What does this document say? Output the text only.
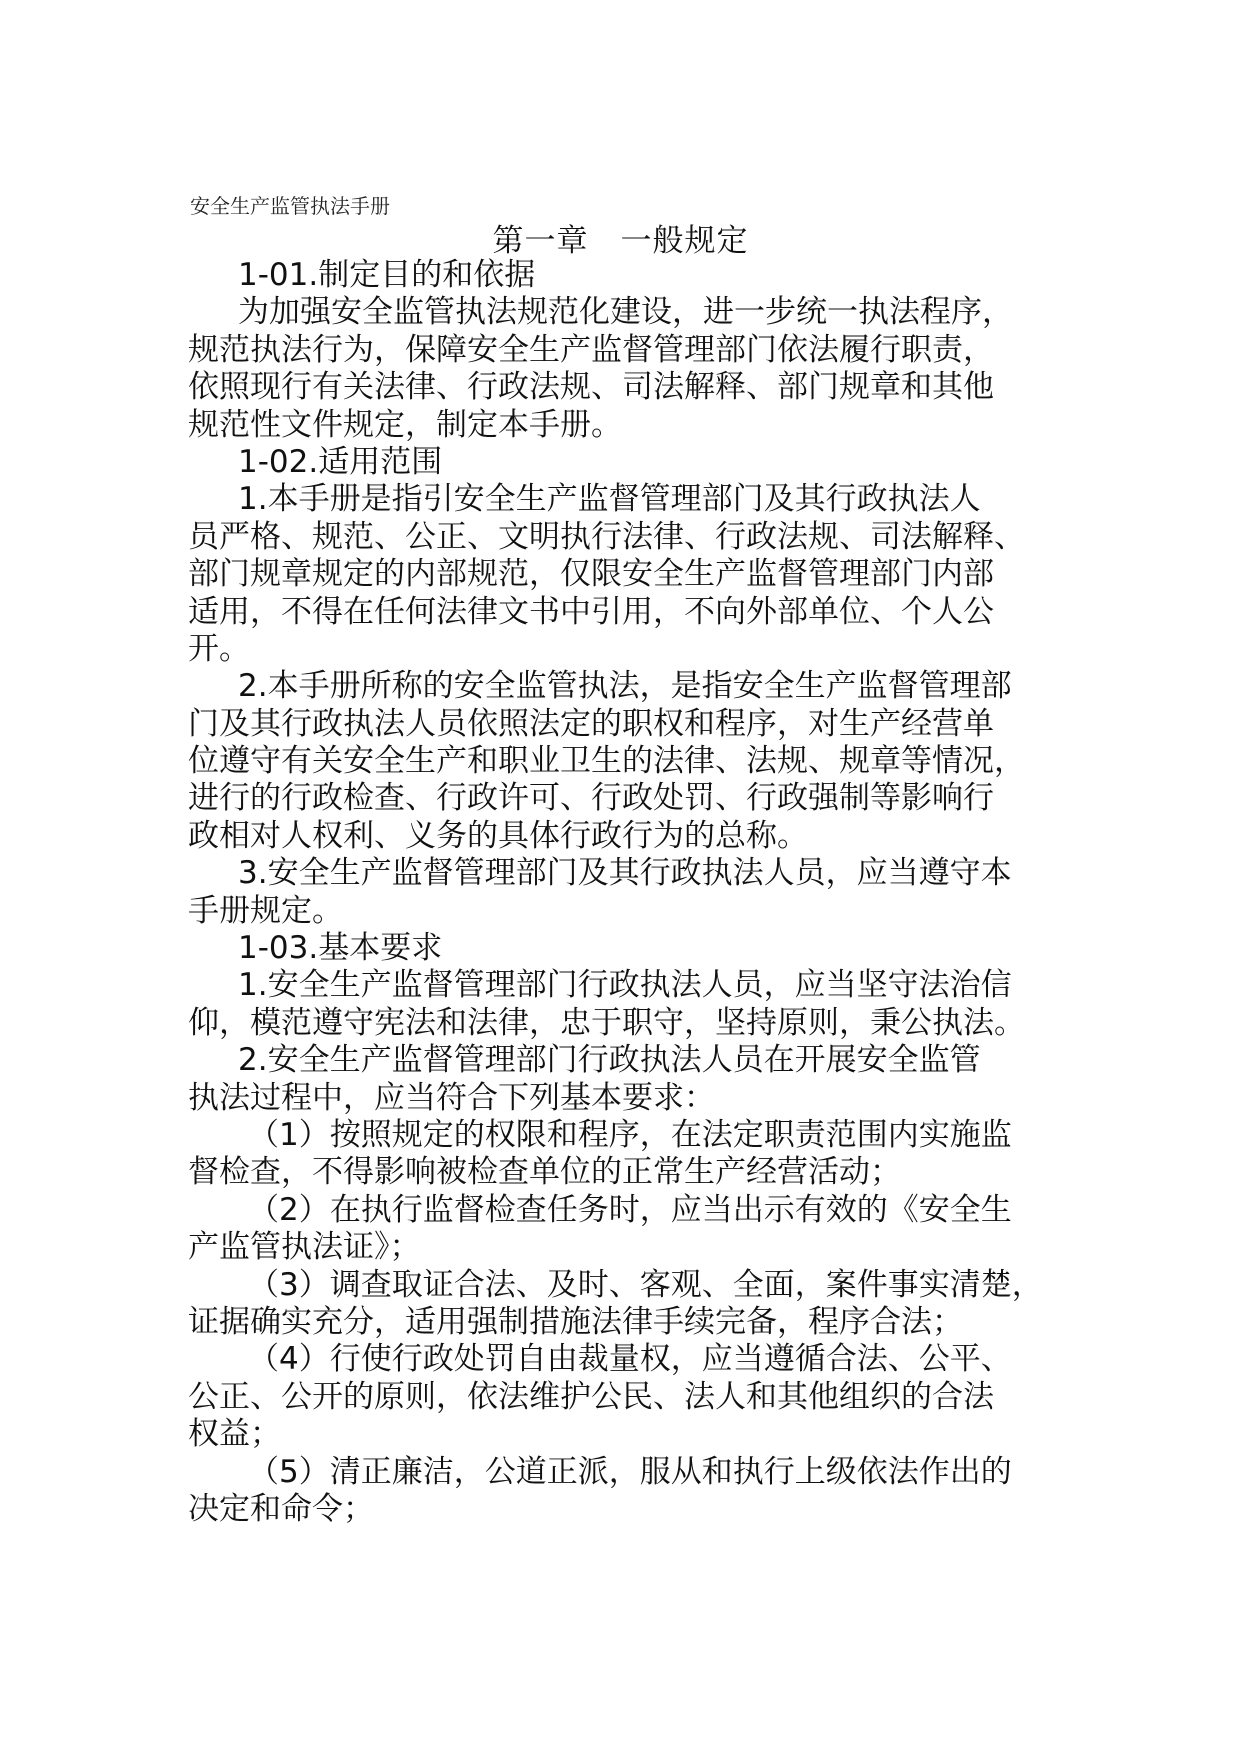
安全生产监管执法手册
第一章　一般规定
1-01.制定目的和依据
为加强安全监管执法规范化建设，进一步统一执法程序，
规范执法行为，保障安全生产监督管理部门依法履行职责，
依照现行有关法律、行政法规、司法解释、部门规章和其他
规范性文件规定，制定本手册。
1-02.适用范围
1.本手册是指引安全生产监督管理部门及其行政执法人
员严格、规范、公正、文明执行法律、行政法规、司法解释、
部门规章规定的内部规范，仅限安全生产监督管理部门内部
适用，不得在任何法律文书中引用，不向外部单位、个人公
开。
2.本手册所称的安全监管执法，是指安全生产监督管理部
门及其行政执法人员依照法定的职权和程序，对生产经营单
位遵守有关安全生产和职业卫生的法律、法规、规章等情况，
进行的行政检查、行政许可、行政处罚、行政强制等影响行
政相对人权利、义务的具体行政行为的总称。
3.安全生产监督管理部门及其行政执法人员，应当遵守本
手册规定。
1-03.基本要求
1.安全生产监督管理部门行政执法人员，应当坚守法治信
仰，模范遵守宪法和法律，忠于职守，坚持原则，秉公执法。
2.安全生产监督管理部门行政执法人员在开展安全监管
执法过程中，应当符合下列基本要求：
（1）按照规定的权限和程序，在法定职责范围内实施监
督检查，不得影响被检查单位的正常生产经营活动；
（2）在执行监督检查任务时，应当出示有效的《安全生
产监管执法证》；
（3）调查取证合法、及时、客观、全面，案件事实清楚，
证据确实充分，适用强制措施法律手续完备，程序合法；
（4）行使行政处罚自由裁量权，应当遵循合法、公平、
公正、公开的原则，依法维护公民、法人和其他组织的合法
权益；
（5）清正廉洁，公道正派，服从和执行上级依法作出的
决定和命令；
